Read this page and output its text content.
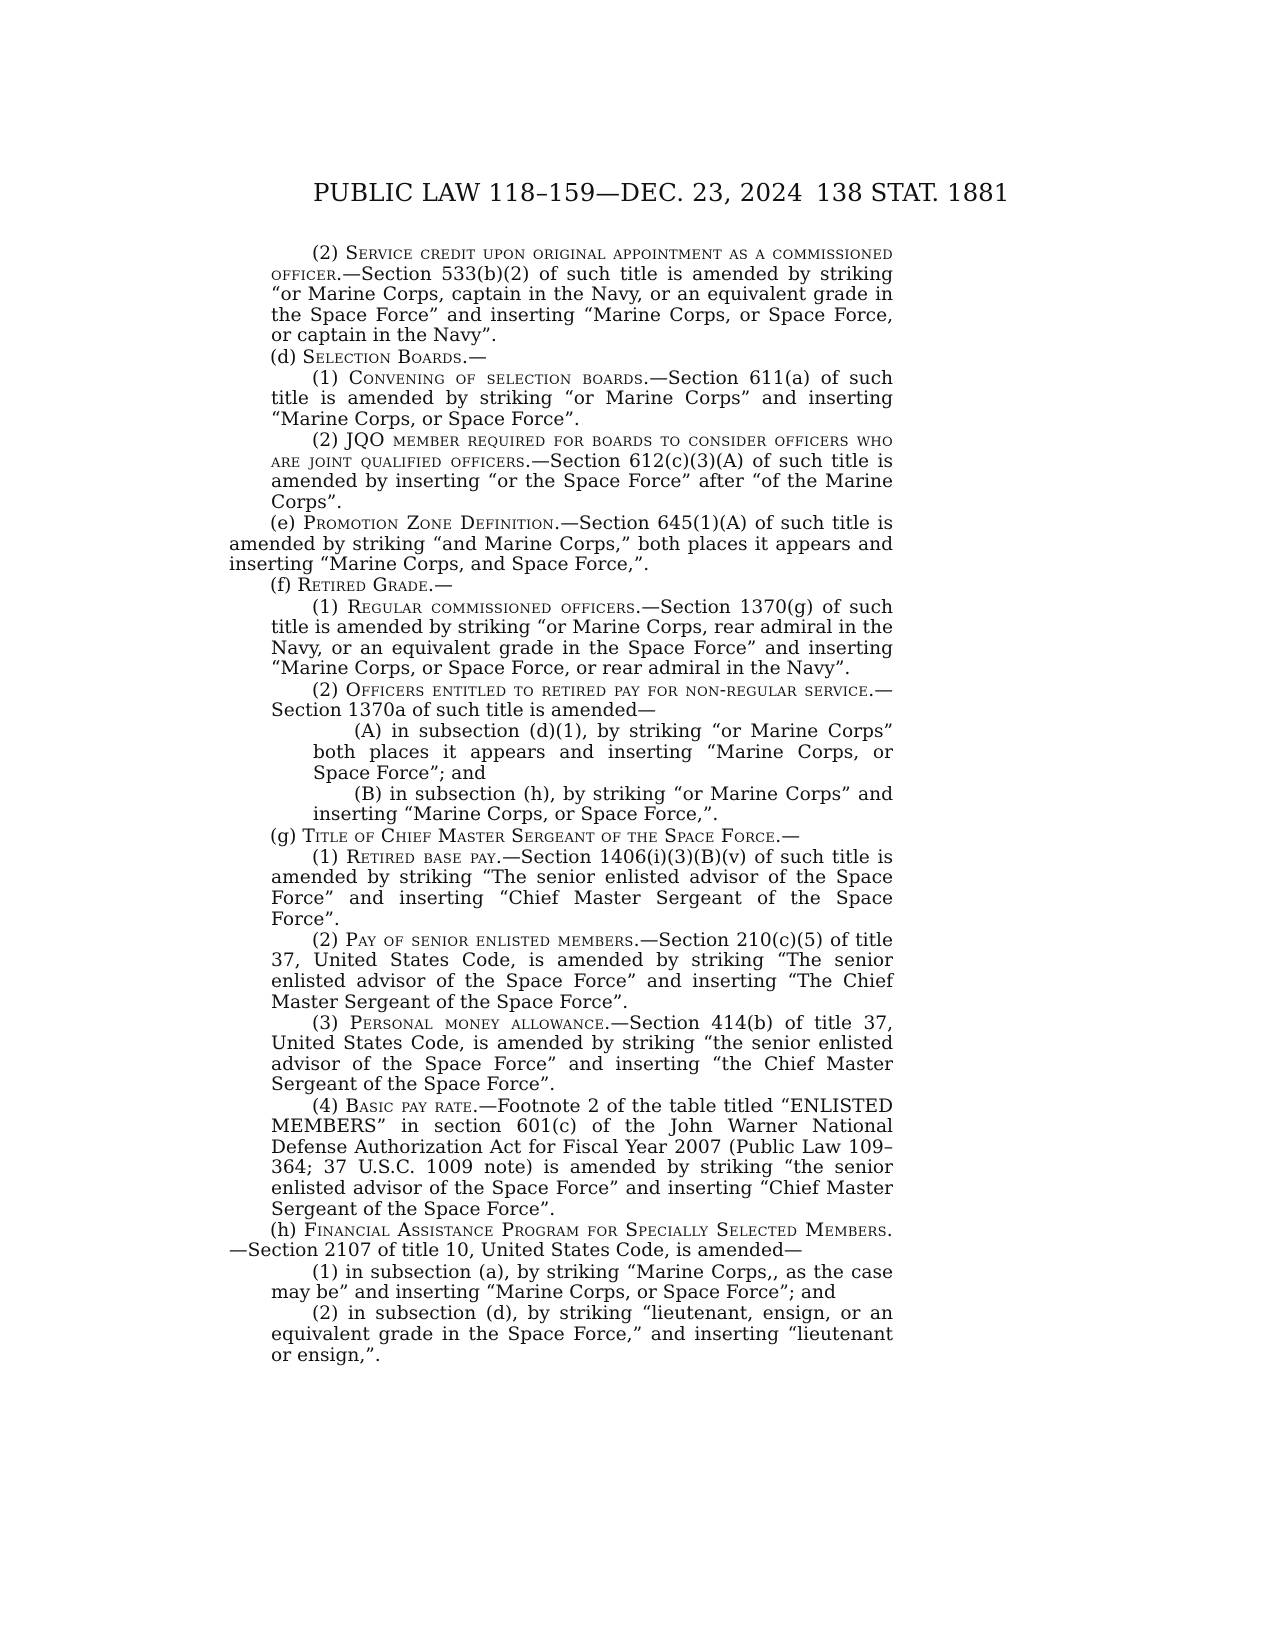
PUBLIC LAW 118–159—DEC. 23, 2024 138 STAT. 1881

(2) Service credit upon original appointment as a commissioned officer.—Section 533(b)(2) of such title is amended by striking “or Marine Corps, captain in the Navy, or an equivalent grade in the Space Force” and inserting “Marine Corps, or Space Force, or captain in the Navy”.

(d) Selection Boards.—

(1) Convening of selection boards.—Section 611(a) of such title is amended by striking “or Marine Corps” and inserting “Marine Corps, or Space Force”.

(2) JQO member required for boards to consider officers who are joint qualified officers.—Section 612(c)(3)(A) of such title is amended by inserting “or the Space Force” after “of the Marine Corps”.

(e) Promotion Zone Definition.—Section 645(1)(A) of such title is amended by striking “and Marine Corps,” both places it appears and inserting “Marine Corps, and Space Force,”.

(f) Retired Grade.—

(1) Regular commissioned officers.—Section 1370(g) of such title is amended by striking “or Marine Corps, rear admiral in the Navy, or an equivalent grade in the Space Force” and inserting “Marine Corps, or Space Force, or rear admiral in the Navy”.

(2) Officers entitled to retired pay for non-regular service.—Section 1370a of such title is amended—

(A) in subsection (d)(1), by striking “or Marine Corps” both places it appears and inserting “Marine Corps, or Space Force”; and

(B) in subsection (h), by striking “or Marine Corps” and inserting “Marine Corps, or Space Force,”.

(g) Title of Chief Master Sergeant of the Space Force.—

(1) Retired base pay.—Section 1406(i)(3)(B)(v) of such title is amended by striking “The senior enlisted advisor of the Space Force” and inserting “Chief Master Sergeant of the Space Force”.

(2) Pay of senior enlisted members.—Section 210(c)(5) of title 37, United States Code, is amended by striking “The senior enlisted advisor of the Space Force” and inserting “The Chief Master Sergeant of the Space Force”.

(3) Personal money allowance.—Section 414(b) of title 37, United States Code, is amended by striking “the senior enlisted advisor of the Space Force” and inserting “the Chief Master Sergeant of the Space Force”.

(4) Basic pay rate.—Footnote 2 of the table titled “ENLISTED MEMBERS” in section 601(c) of the John Warner National Defense Authorization Act for Fiscal Year 2007 (Public Law 109–364; 37 U.S.C. 1009 note) is amended by striking “the senior enlisted advisor of the Space Force” and inserting “Chief Master Sergeant of the Space Force”.

(h) Financial Assistance Program for Specially Selected Members.—Section 2107 of title 10, United States Code, is amended—

(1) in subsection (a), by striking “Marine Corps,, as the case may be” and inserting “Marine Corps, or Space Force”; and

(2) in subsection (d), by striking “lieutenant, ensign, or an equivalent grade in the Space Force,” and inserting “lieutenant or ensign,”.
